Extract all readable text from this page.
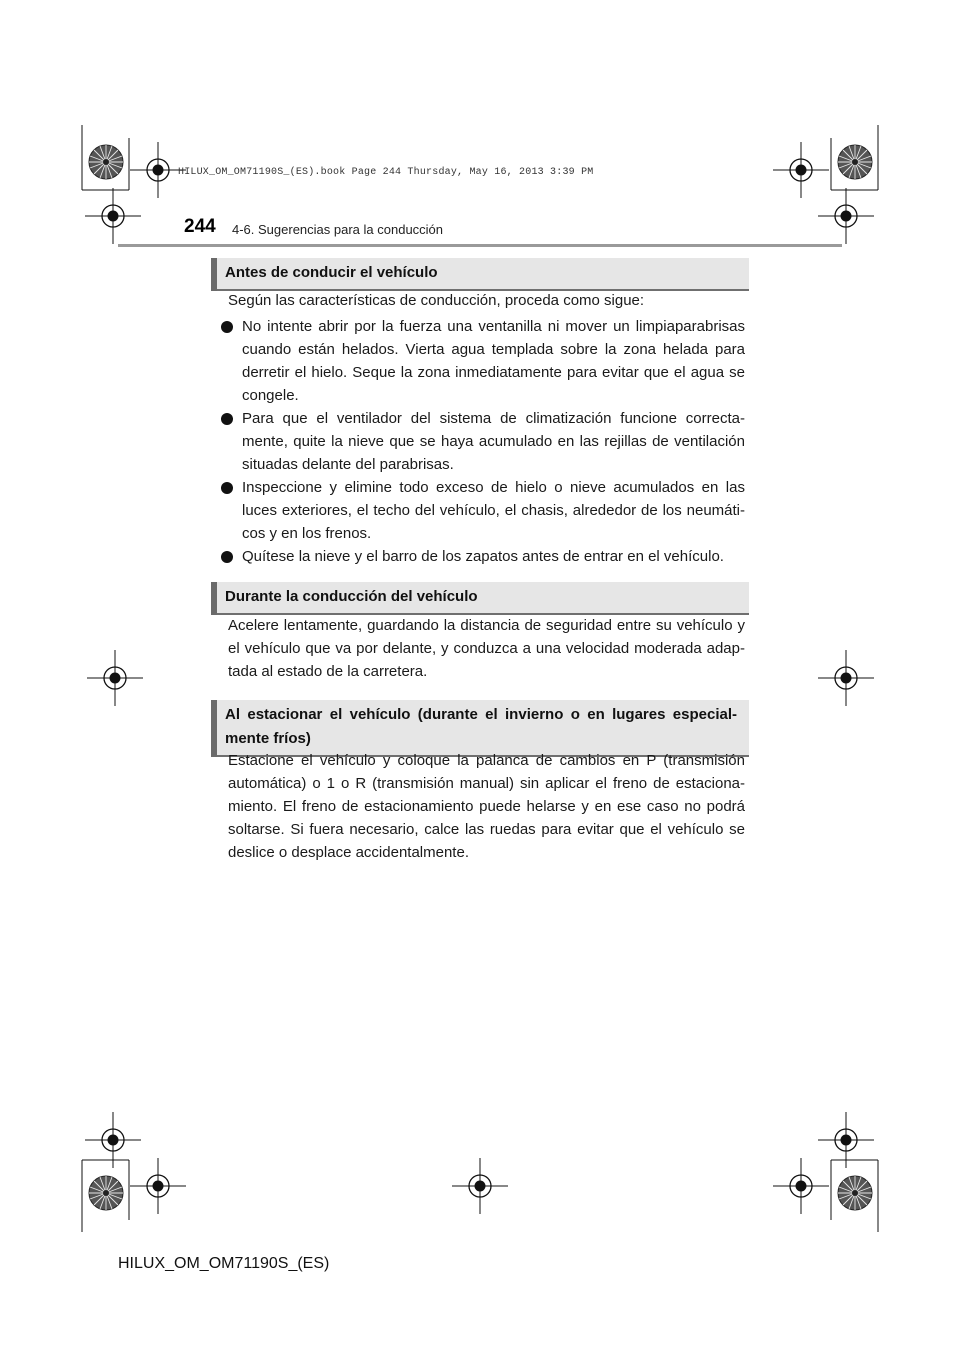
HILUX_OM_OM71190S_(ES).book Page 244 Thursday, May 16, 2013 3:39 PM
244 4-6. Sugerencias para la conducción
Antes de conducir el vehículo
Según las características de conducción, proceda como sigue:
No intente abrir por la fuerza una ventanilla ni mover un limpiaparabrisas cuando están helados. Vierta agua templada sobre la zona helada para derretir el hielo. Seque la zona inmediatamente para evitar que el agua se congele.
Para que el ventilador del sistema de climatización funcione correcta-mente, quite la nieve que se haya acumulado en las rejillas de ventilación situadas delante del parabrisas.
Inspeccione y elimine todo exceso de hielo o nieve acumulados en las luces exteriores, el techo del vehículo, el chasis, alrededor de los neumáti-cos y en los frenos.
Quítese la nieve y el barro de los zapatos antes de entrar en el vehículo.
Durante la conducción del vehículo
Acelere lentamente, guardando la distancia de seguridad entre su vehículo y el vehículo que va por delante, y conduzca a una velocidad moderada adap-tada al estado de la carretera.
Al estacionar el vehículo (durante el invierno o en lugares especial-mente fríos)
Estacione el vehículo y coloque la palanca de cambios en P (transmisión automática) o 1 o R (transmisión manual) sin aplicar el freno de estaciona-miento. El freno de estacionamiento puede helarse y en ese caso no podrá soltarse. Si fuera necesario, calce las ruedas para evitar que el vehículo se deslice o desplace accidentalmente.
HILUX_OM_OM71190S_(ES)
